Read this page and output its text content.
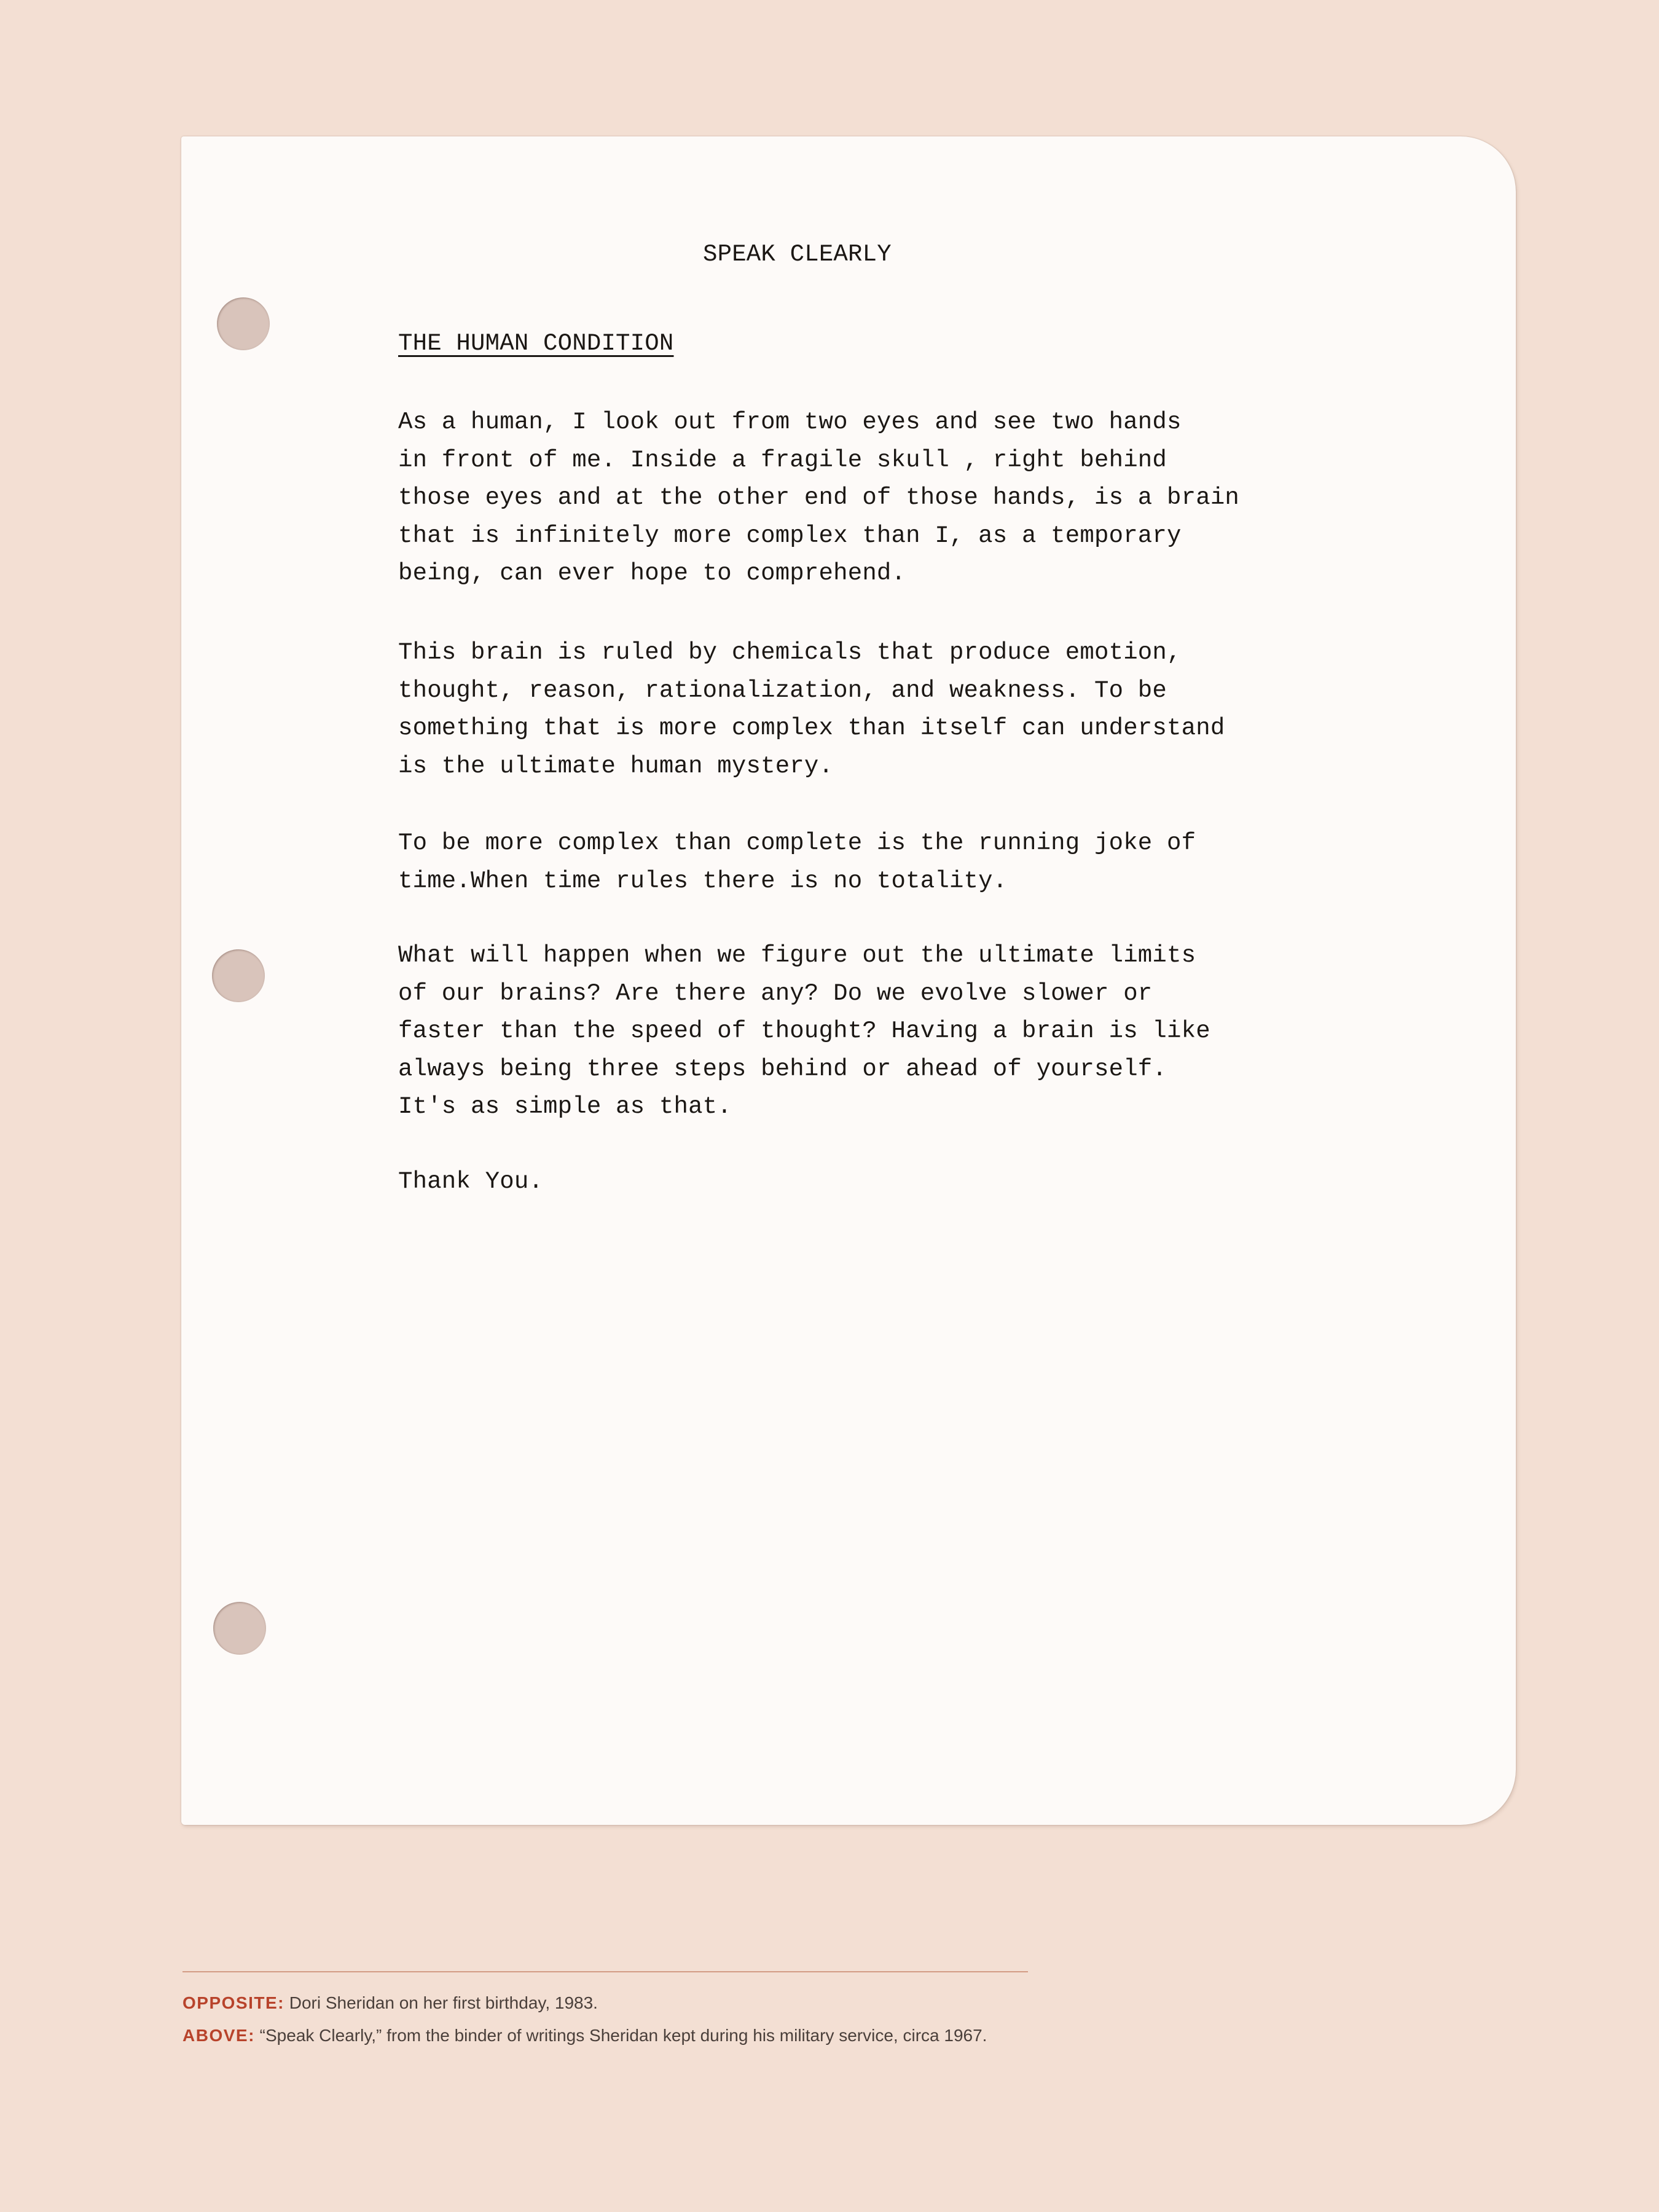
SPEAK CLEARLY
THE HUMAN CONDITION
As a human, I look out from two eyes and see two hands
in front of me. Inside a fragile skull , right behind
those eyes and at the other end of those hands, is a brain
that is infinitely more complex than I, as a temporary
being, can ever hope to comprehend.
This brain is ruled by chemicals that produce emotion,
thought, reason, rationalization, and weakness. To be
something that is more complex than itself can understand
is the ultimate human mystery.
To be more complex than complete is the running joke of
time.When time rules there is no totality.
What will happen when we figure out the ultimate limits
of our brains? Are there any? Do we evolve slower or
faster than the speed of thought? Having a brain is like
always being three steps behind or ahead of yourself.
It's as simple as that.
Thank You.
OPPOSITE: Dori Sheridan on her first birthday, 1983.
ABOVE: “Speak Clearly,” from the binder of writings Sheridan kept during his military service, circa 1967.
